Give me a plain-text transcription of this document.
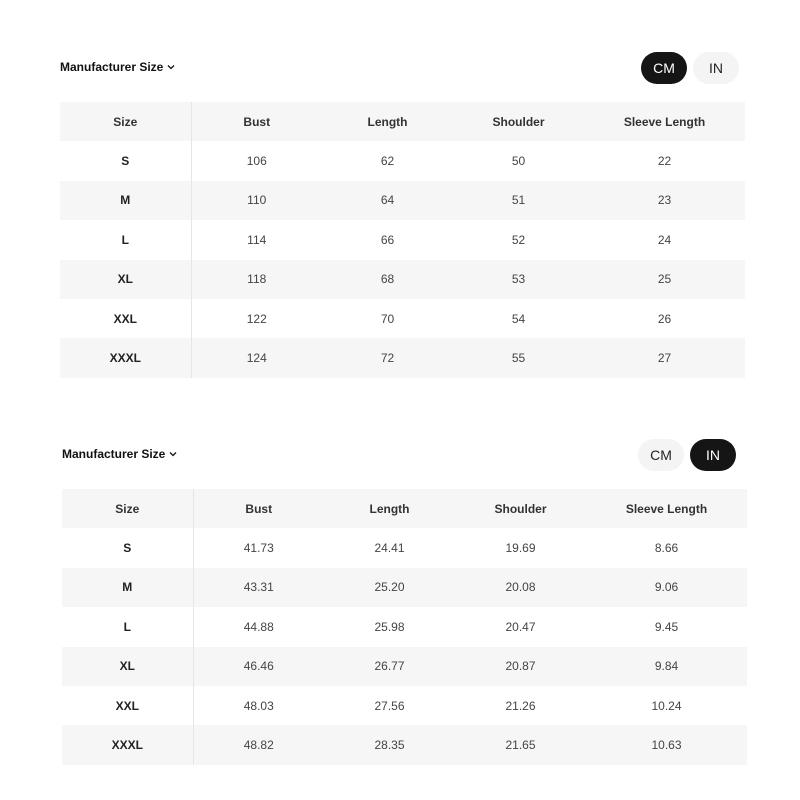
Manufacturer Size	CM	IN
Size	Bust	Length	Shoulder	Sleeve Length
S	106	62	50	22
M	110	64	51	23
L	114	66	52	24
XL	118	68	53	25
XXL	122	70	54	26
XXXL	124	72	55	27
Manufacturer Size	CM	IN
Size	Bust	Length	Shoulder	Sleeve Length
S	41.73	24.41	19.69	8.66
M	43.31	25.20	20.08	9.06
L	44.88	25.98	20.47	9.45
XL	46.46	26.77	20.87	9.84
XXL	48.03	27.56	21.26	10.24
XXXL	48.82	28.35	21.65	10.63
